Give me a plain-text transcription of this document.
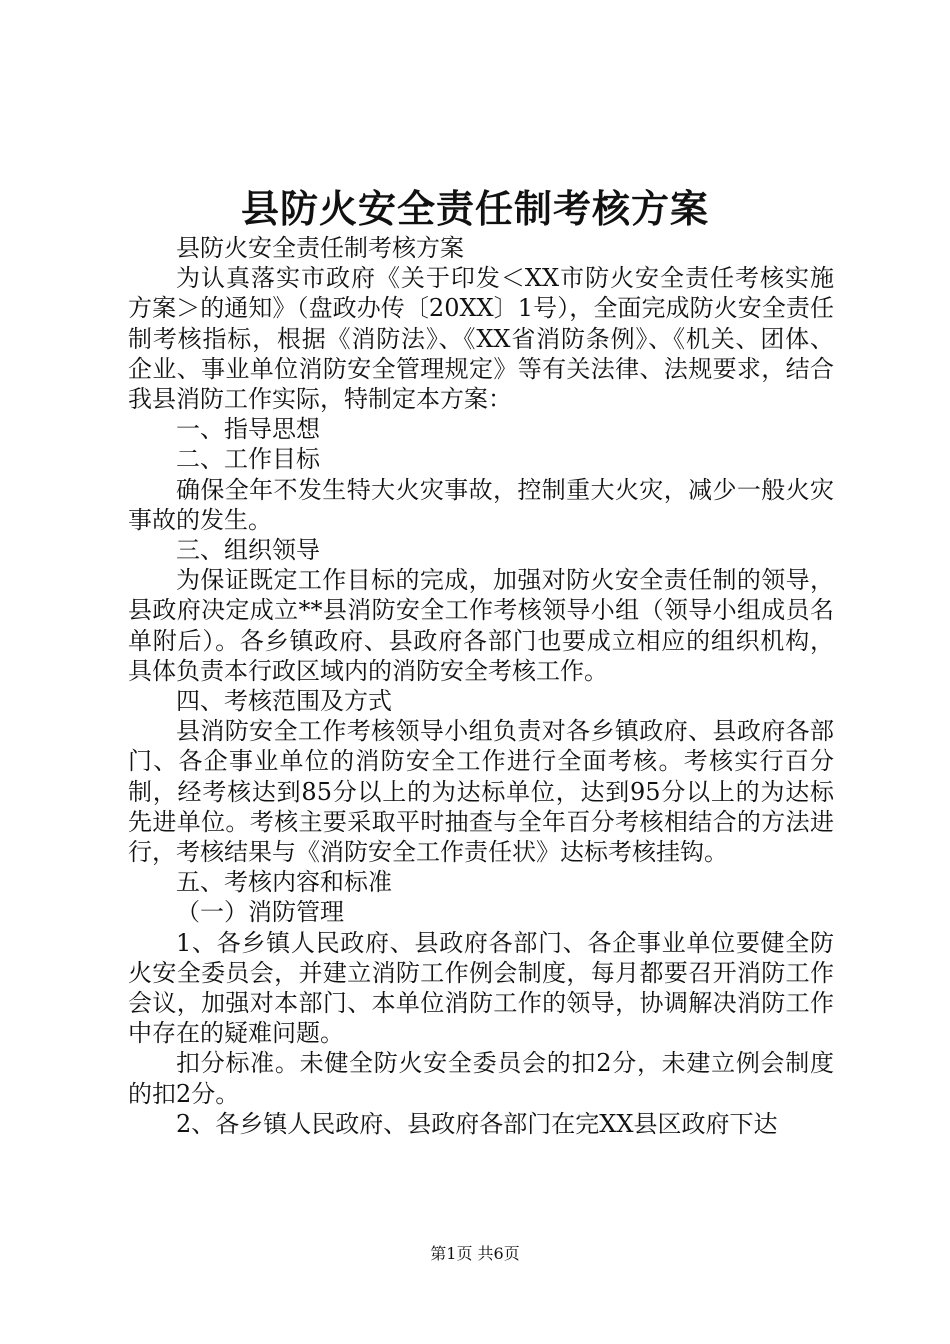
县防火安全责任制考核方案

县防火安全责任制考核方案

为认真落实市政府《关于印发＜XX市防火安全责任考核实施方案＞的通知》（盘政办传〔20XX〕1号），全面完成防火安全责任制考核指标，根据《消防法》、《XX省消防条例》、《机关、团体、企业、事业单位消防安全管理规定》等有关法律、法规要求，结合我县消防工作实际，特制定本方案：

一、指导思想

二、工作目标

确保全年不发生特大火灾事故，控制重大火灾，减少一般火灾事故的发生。

三、组织领导

为保证既定工作目标的完成，加强对防火安全责任制的领导，县政府决定成立**县消防安全工作考核领导小组（领导小组成员名单附后）。各乡镇政府、县政府各部门也要成立相应的组织机构，具体负责本行政区域内的消防安全考核工作。

四、考核范围及方式

县消防安全工作考核领导小组负责对各乡镇政府、县政府各部门、各企事业单位的消防安全工作进行全面考核。考核实行百分制，经考核达到85分以上的为达标单位，达到95分以上的为达标先进单位。考核主要采取平时抽查与全年百分考核相结合的方法进行，考核结果与《消防安全工作责任状》达标考核挂钩。

五、考核内容和标准

（一）消防管理

1、各乡镇人民政府、县政府各部门、各企事业单位要健全防火安全委员会，并建立消防工作例会制度，每月都要召开消防工作会议，加强对本部门、本单位消防工作的领导，协调解决消防工作中存在的疑难问题。

扣分标准。未健全防火安全委员会的扣2分，未建立例会制度的扣2分。

2、各乡镇人民政府、县政府各部门在完XX县区政府下达

第1页 共6页
